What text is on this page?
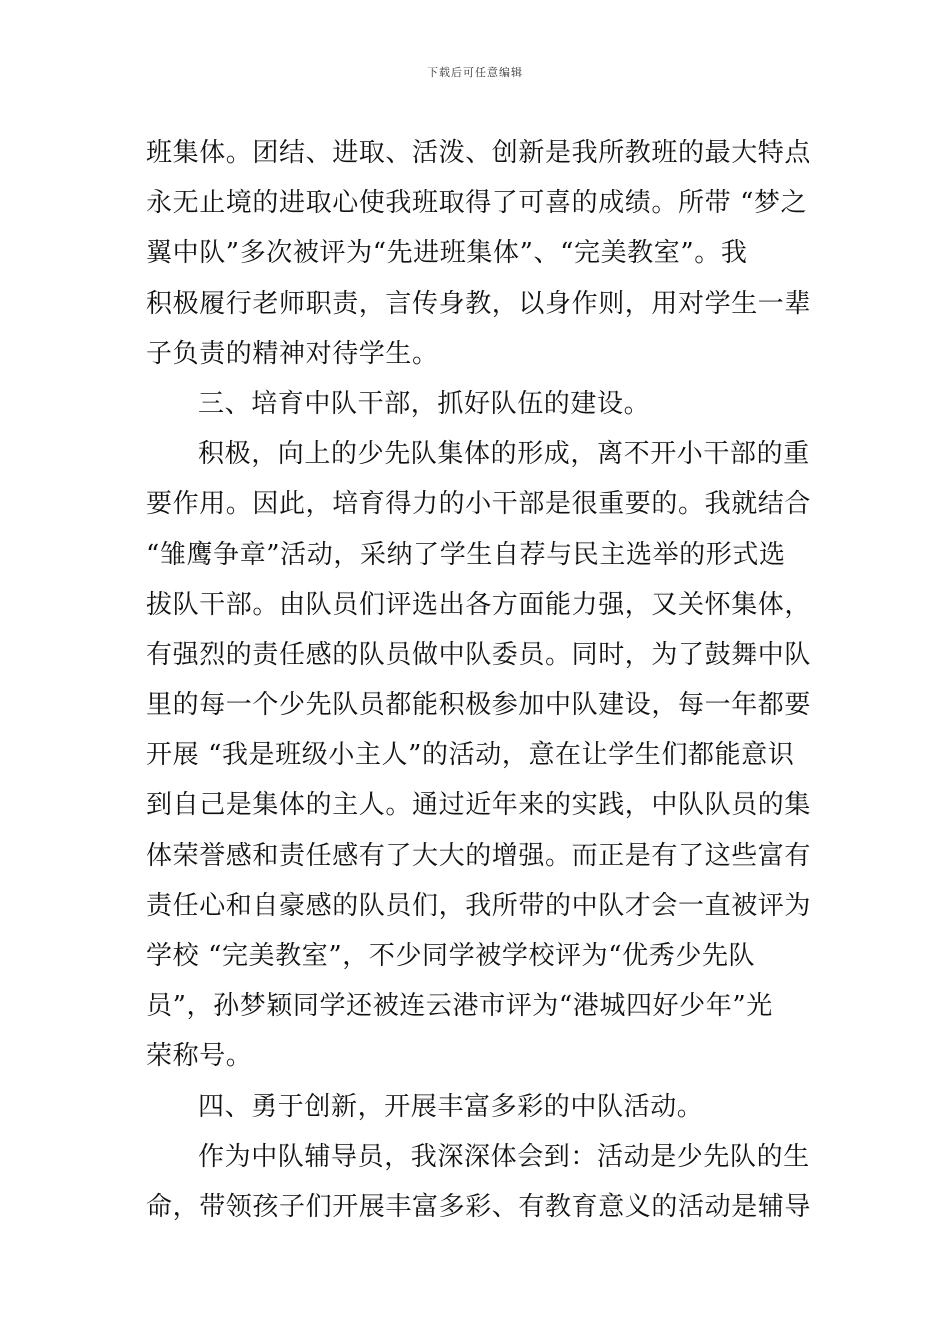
下载后可任意编辑
班集体。团结、进取、活泼、创新是我所教班的最大特点
永无止境的进取心使我班取得了可喜的成绩。所带 “梦之
翼中队”多次被评为“先进班集体”、“完美教室”。我
积极履行老师职责，言传身教，以身作则，用对学生一辈
子负责的精神对待学生。
三、培育中队干部，抓好队伍的建设。
积极，向上的少先队集体的形成，离不开小干部的重
要作用。因此，培育得力的小干部是很重要的。我就结合
“雏鹰争章”活动，采纳了学生自荐与民主选举的形式选
拔队干部。由队员们评选出各方面能力强，又关怀集体，
有强烈的责任感的队员做中队委员。同时，为了鼓舞中队
里的每一个少先队员都能积极参加中队建设，每一年都要
开展 “我是班级小主人”的活动，意在让学生们都能意识
到自己是集体的主人。通过近年来的实践，中队队员的集
体荣誉感和责任感有了大大的增强。而正是有了这些富有
责任心和自豪感的队员们，我所带的中队才会一直被评为
学校 “完美教室”，不少同学被学校评为“优秀少先队
员”，孙梦颖同学还被连云港市评为“港城四好少年”光
荣称号。
四、勇于创新，开展丰富多彩的中队活动。
作为中队辅导员，我深深体会到：活动是少先队的生
命，带领孩子们开展丰富多彩、有教育意义的活动是辅导
